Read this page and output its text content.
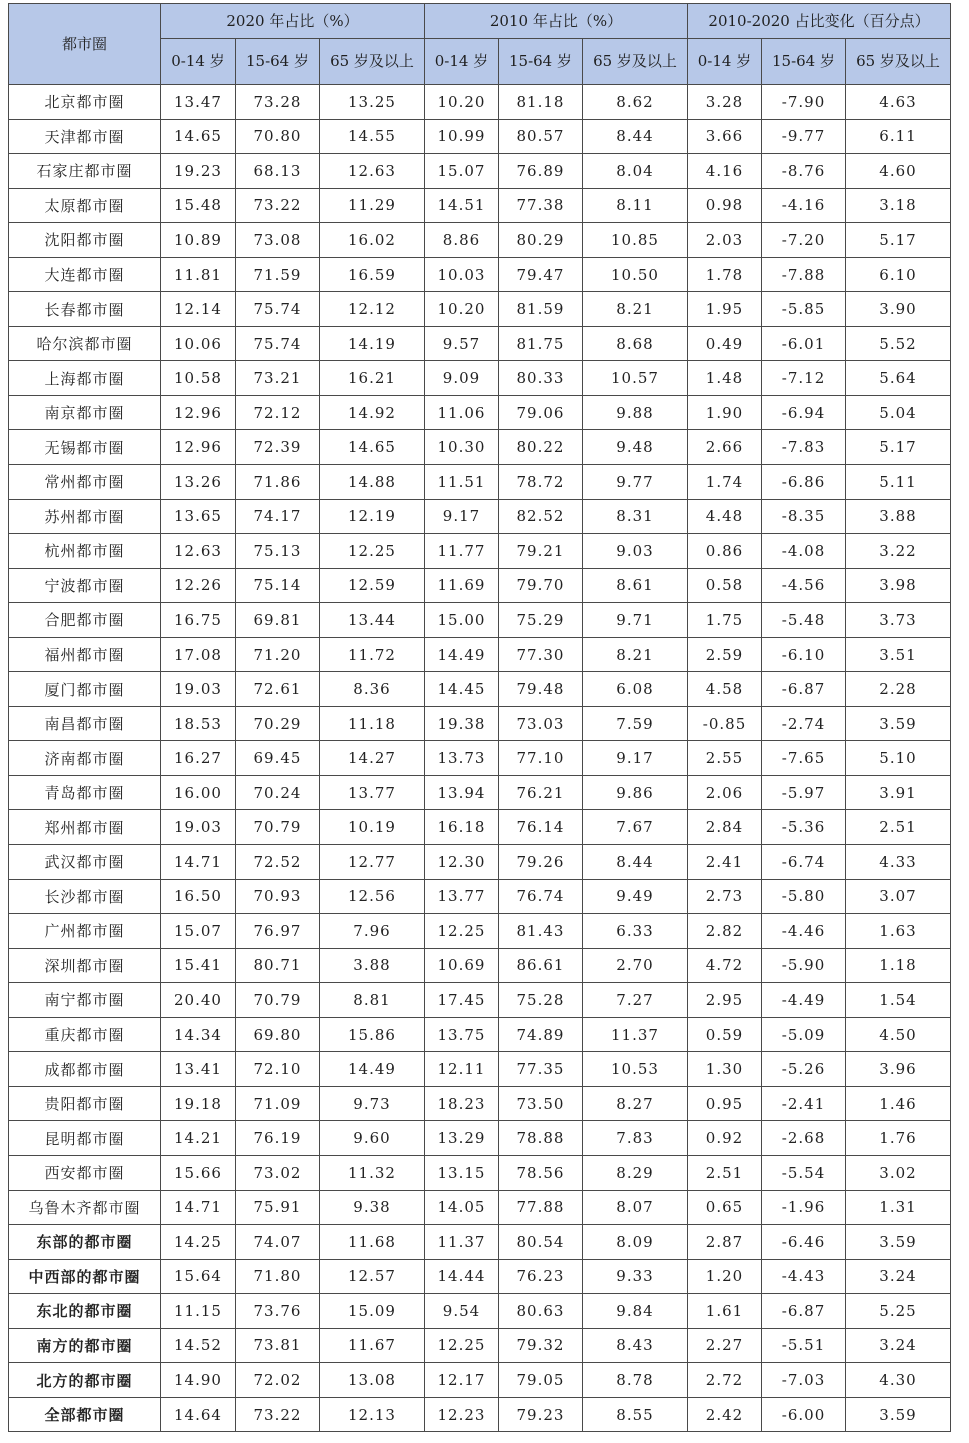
都市圈	2020 年占比（%）			2010 年占比（%）			2010-2020 占比变化（百分点）		
	0-14 岁	15-64 岁	65 岁及以上	0-14 岁	15-64 岁	65 岁及以上	0-14 岁	15-64 岁	65 岁及以上
北京都市圈	13.47	73.28	13.25	10.20	81.18	8.62	3.28	-7.90	4.63
天津都市圈	14.65	70.80	14.55	10.99	80.57	8.44	3.66	-9.77	6.11
石家庄都市圈	19.23	68.13	12.63	15.07	76.89	8.04	4.16	-8.76	4.60
太原都市圈	15.48	73.22	11.29	14.51	77.38	8.11	0.98	-4.16	3.18
沈阳都市圈	10.89	73.08	16.02	8.86	80.29	10.85	2.03	-7.20	5.17
大连都市圈	11.81	71.59	16.59	10.03	79.47	10.50	1.78	-7.88	6.10
长春都市圈	12.14	75.74	12.12	10.20	81.59	8.21	1.95	-5.85	3.90
哈尔滨都市圈	10.06	75.74	14.19	9.57	81.75	8.68	0.49	-6.01	5.52
上海都市圈	10.58	73.21	16.21	9.09	80.33	10.57	1.48	-7.12	5.64
南京都市圈	12.96	72.12	14.92	11.06	79.06	9.88	1.90	-6.94	5.04
无锡都市圈	12.96	72.39	14.65	10.30	80.22	9.48	2.66	-7.83	5.17
常州都市圈	13.26	71.86	14.88	11.51	78.72	9.77	1.74	-6.86	5.11
苏州都市圈	13.65	74.17	12.19	9.17	82.52	8.31	4.48	-8.35	3.88
杭州都市圈	12.63	75.13	12.25	11.77	79.21	9.03	0.86	-4.08	3.22
宁波都市圈	12.26	75.14	12.59	11.69	79.70	8.61	0.58	-4.56	3.98
合肥都市圈	16.75	69.81	13.44	15.00	75.29	9.71	1.75	-5.48	3.73
福州都市圈	17.08	71.20	11.72	14.49	77.30	8.21	2.59	-6.10	3.51
厦门都市圈	19.03	72.61	8.36	14.45	79.48	6.08	4.58	-6.87	2.28
南昌都市圈	18.53	70.29	11.18	19.38	73.03	7.59	-0.85	-2.74	3.59
济南都市圈	16.27	69.45	14.27	13.73	77.10	9.17	2.55	-7.65	5.10
青岛都市圈	16.00	70.24	13.77	13.94	76.21	9.86	2.06	-5.97	3.91
郑州都市圈	19.03	70.79	10.19	16.18	76.14	7.67	2.84	-5.36	2.51
武汉都市圈	14.71	72.52	12.77	12.30	79.26	8.44	2.41	-6.74	4.33
长沙都市圈	16.50	70.93	12.56	13.77	76.74	9.49	2.73	-5.80	3.07
广州都市圈	15.07	76.97	7.96	12.25	81.43	6.33	2.82	-4.46	1.63
深圳都市圈	15.41	80.71	3.88	10.69	86.61	2.70	4.72	-5.90	1.18
南宁都市圈	20.40	70.79	8.81	17.45	75.28	7.27	2.95	-4.49	1.54
重庆都市圈	14.34	69.80	15.86	13.75	74.89	11.37	0.59	-5.09	4.50
成都都市圈	13.41	72.10	14.49	12.11	77.35	10.53	1.30	-5.26	3.96
贵阳都市圈	19.18	71.09	9.73	18.23	73.50	8.27	0.95	-2.41	1.46
昆明都市圈	14.21	76.19	9.60	13.29	78.88	7.83	0.92	-2.68	1.76
西安都市圈	15.66	73.02	11.32	13.15	78.56	8.29	2.51	-5.54	3.02
乌鲁木齐都市圈	14.71	75.91	9.38	14.05	77.88	8.07	0.65	-1.96	1.31
东部的都市圈	14.25	74.07	11.68	11.37	80.54	8.09	2.87	-6.46	3.59
中西部的都市圈	15.64	71.80	12.57	14.44	76.23	9.33	1.20	-4.43	3.24
东北的都市圈	11.15	73.76	15.09	9.54	80.63	9.84	1.61	-6.87	5.25
南方的都市圈	14.52	73.81	11.67	12.25	79.32	8.43	2.27	-5.51	3.24
北方的都市圈	14.90	72.02	13.08	12.17	79.05	8.78	2.72	-7.03	4.30
全部都市圈	14.64	73.22	12.13	12.23	79.23	8.55	2.42	-6.00	3.59
